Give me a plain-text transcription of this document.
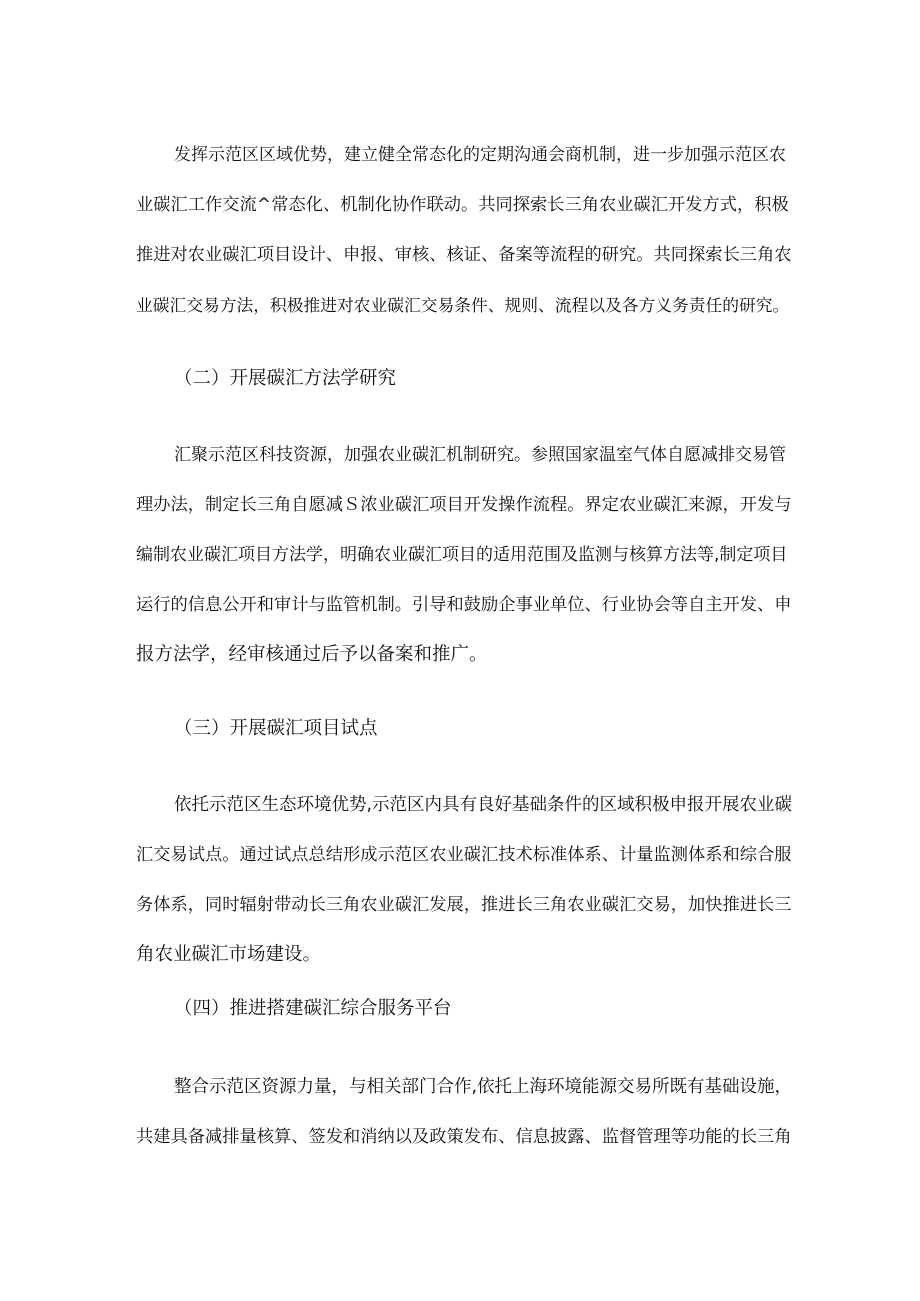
发挥示范区区域优势，建立健全常态化的定期沟通会商机制，进一步加强示范区农
业碳汇工作交流^常态化、机制化协作联动。共同探索长三角农业碳汇开发方式，积极
推进对农业碳汇项目设计、申报、审核、核证、备案等流程的研究。共同探索长三角农
业碳汇交易方法，积极推进对农业碳汇交易条件、规则、流程以及各方义务责任的研究。
（二）开展碳汇方法学研究
汇聚示范区科技资源，加强农业碳汇机制研究。参照国家温室气体自愿减排交易管
理办法，制定长三角自愿减Ｓ浓业碳汇项目开发操作流程。界定农业碳汇来源，开发与
编制农业碳汇项目方法学，明确农业碳汇项目的适用范围及监测与核算方法等,制定项目
运行的信息公开和审计与监管机制。引导和鼓励企事业单位、行业协会等自主开发、申
报方法学，经审核通过后予以备案和推广。
（三）开展碳汇项目试点
依托示范区生态环境优势,示范区内具有良好基础条件的区域积极申报开展农业碳
汇交易试点。通过试点总结形成示范区农业碳汇技术标准体系、计量监测体系和综合服
务体系，同时辐射带动长三角农业碳汇发展，推进长三角农业碳汇交易，加快推进长三
角农业碳汇市场建设。
（四）推进搭建碳汇综合服务平台
整合示范区资源力量，与相关部门合作,依托上海环境能源交易所既有基础设施，
共建具备减排量核算、签发和消纳以及政策发布、信息披露、监督管理等功能的长三角
